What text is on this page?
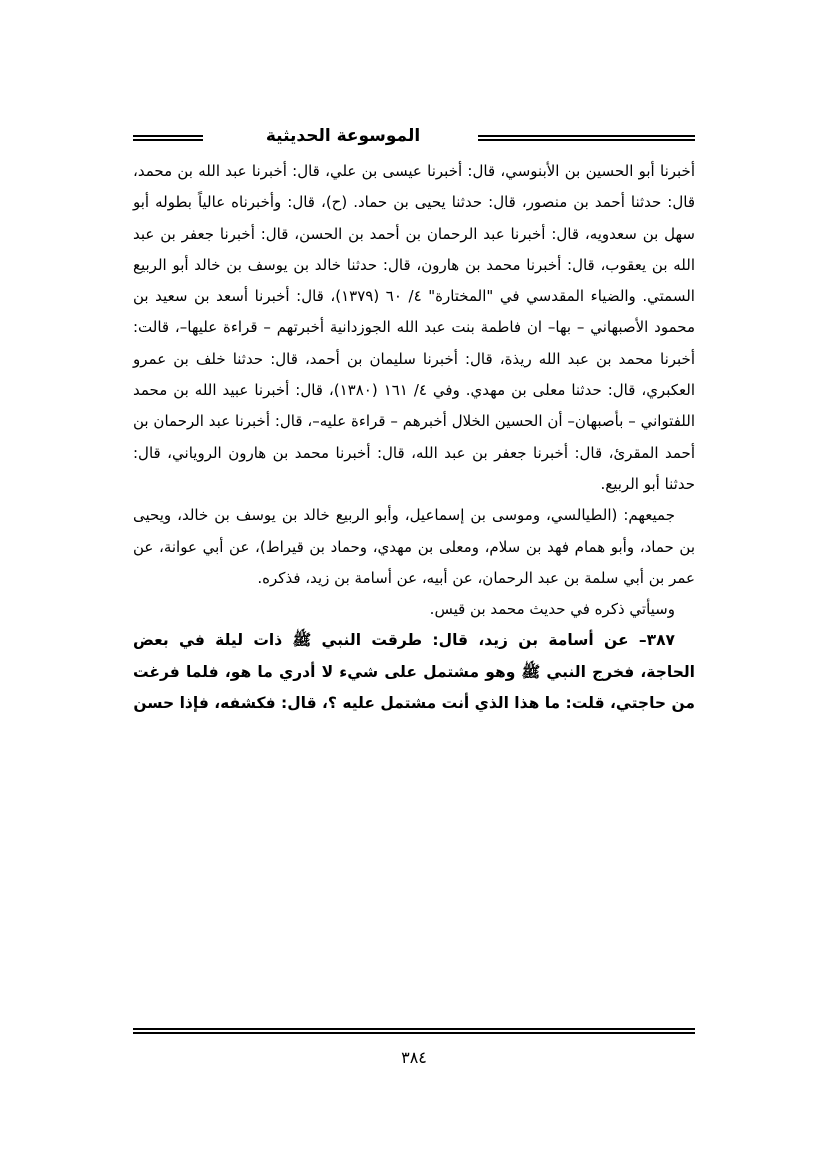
الموسوعة الحديثية

أخبرنا أبو الحسين بن الأبنوسي، قال: أخبرنا عيسى بن علي، قال: أخبرنا عبد الله بن محمد، قال: حدثنا أحمد بن منصور، قال: حدثنا يحيى بن حماد. (ح)، قال: وأخبرناه عالياً بطوله أبو سهل بن سعدويه، قال: أخبرنا عبد الرحمان بن أحمد بن الحسن، قال: أخبرنا جعفر بن عبد الله بن يعقوب، قال: أخبرنا محمد بن هارون، قال: حدثنا خالد بن يوسف بن خالد أبو الربيع السمتي. والضياء المقدسي في "المختارة" ٤/ ٦٠ (١٣٧٩)، قال: أخبرنا أسعد بن سعيد بن محمود الأصبهاني – بها– ان فاطمة بنت عبد الله الجوزدانية أخبرتهم – قراءة عليها–، قالت: أخبرنا محمد بن عبد الله ريذة، قال: أخبرنا سليمان بن أحمد، قال: حدثنا خلف بن عمرو العكبري، قال: حدثنا معلى بن مهدي. وفي ٤/ ١٦١ (١٣٨٠)، قال: أخبرنا عبيد الله بن محمد اللفتواني – بأصبهان– أن الحسين الخلال أخبرهم – قراءة عليه–، قال: أخبرنا عبد الرحمان بن أحمد المقرئ، قال: أخبرنا جعفر بن عبد الله، قال: أخبرنا محمد بن هارون الروياني، قال: حدثنا أبو الربيع.

جميعهم: (الطيالسي، وموسى بن إسماعيل، وأبو الربيع خالد بن يوسف بن خالد، ويحيى بن حماد، وأبو همام فهد بن سلام، ومعلى بن مهدي، وحماد بن قيراط)، عن أبي عوانة، عن عمر بن أبي سلمة بن عبد الرحمان، عن أبيه، عن أسامة بن زيد، فذكره.

وسيأتي ذكره في حديث محمد بن قيس.

٣٨٧– عن أسامة بن زيد، قال: طرقت النبي ﷺ ذات ليلة في بعض الحاجة، فخرج النبي ﷺ وهو مشتمل على شيء لا أدري ما هو، فلما فرغت من حاجتي، قلت: ما هذا الذي أنت مشتمل عليه ؟، قال: فكشفه، فإذا حسن

٣٨٤
